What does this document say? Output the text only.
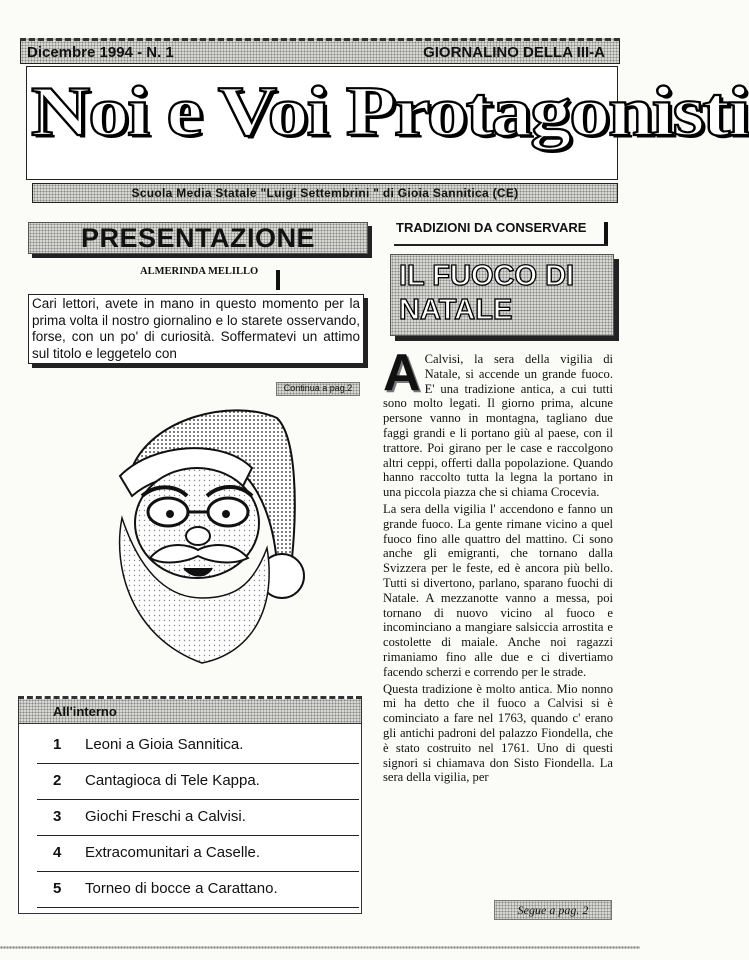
Dicembre 1994 - N. 1	GIORNALINO DELLA III-A
Noi e Voi Protagonisti
Scuola Media Statale "Luigi Settembrini " di Gioia Sannitica (CE)
PRESENTAZIONE
ALMERINDA MELILLO
Cari lettori, avete in mano in questo momento per la prima volta il nostro giornalino e lo starete osservando, forse, con un po' di curiosità. Soffermatevi un attimo sul titolo e leggetelo con
Continua a pag.2
All'interno
1 Leoni a Gioia Sannitica.
2 Cantagioca di Tele Kappa.
3 Giochi Freschi a Calvisi.
4 Extracomunitari a Caselle.
5 Torneo di bocce a Carattano.
TRADIZIONI DA CONSERVARE
IL FUOCO DI NATALE

A Calvisi, la sera della vigilia di Natale, si accende un grande fuoco. E' una tradizione antica, a cui tutti sono molto legati. Il giorno prima, alcune persone vanno in montagna, tagliano due faggi grandi e li portano giù al paese, con il trattore. Poi girano per le case e raccolgono altri ceppi, offerti dalla popolazione. Quando hanno raccolto tutta la legna la portano in una piccola piazza che si chiama Crocevia.

La sera della vigilia l' accendono e fanno un grande fuoco. La gente rimane vicino a quel fuoco fino alle quattro del mattino. Ci sono anche gli emigranti, che tornano dalla Svizzera per le feste, ed è ancora più bello. Tutti si divertono, parlano, sparano fuochi di Natale. A mezzanotte vanno a messa, poi tornano di nuovo vicino al fuoco e incominciano a mangiare salsiccia arrostita e costolette di maiale. Anche noi ragazzi rimaniamo fino alle due e ci divertiamo facendo scherzi e correndo per le strade.

Questa tradizione è molto antica. Mio nonno mi ha detto che il fuoco a Calvisi si è cominciato a fare nel 1763, quando c' erano gli antichi padroni del palazzo Fiondella, che è stato costruito nel 1761. Uno di questi signori si chiamava don Sisto Fiondella. La sera della vigilia, per

Segue a pag. 2
